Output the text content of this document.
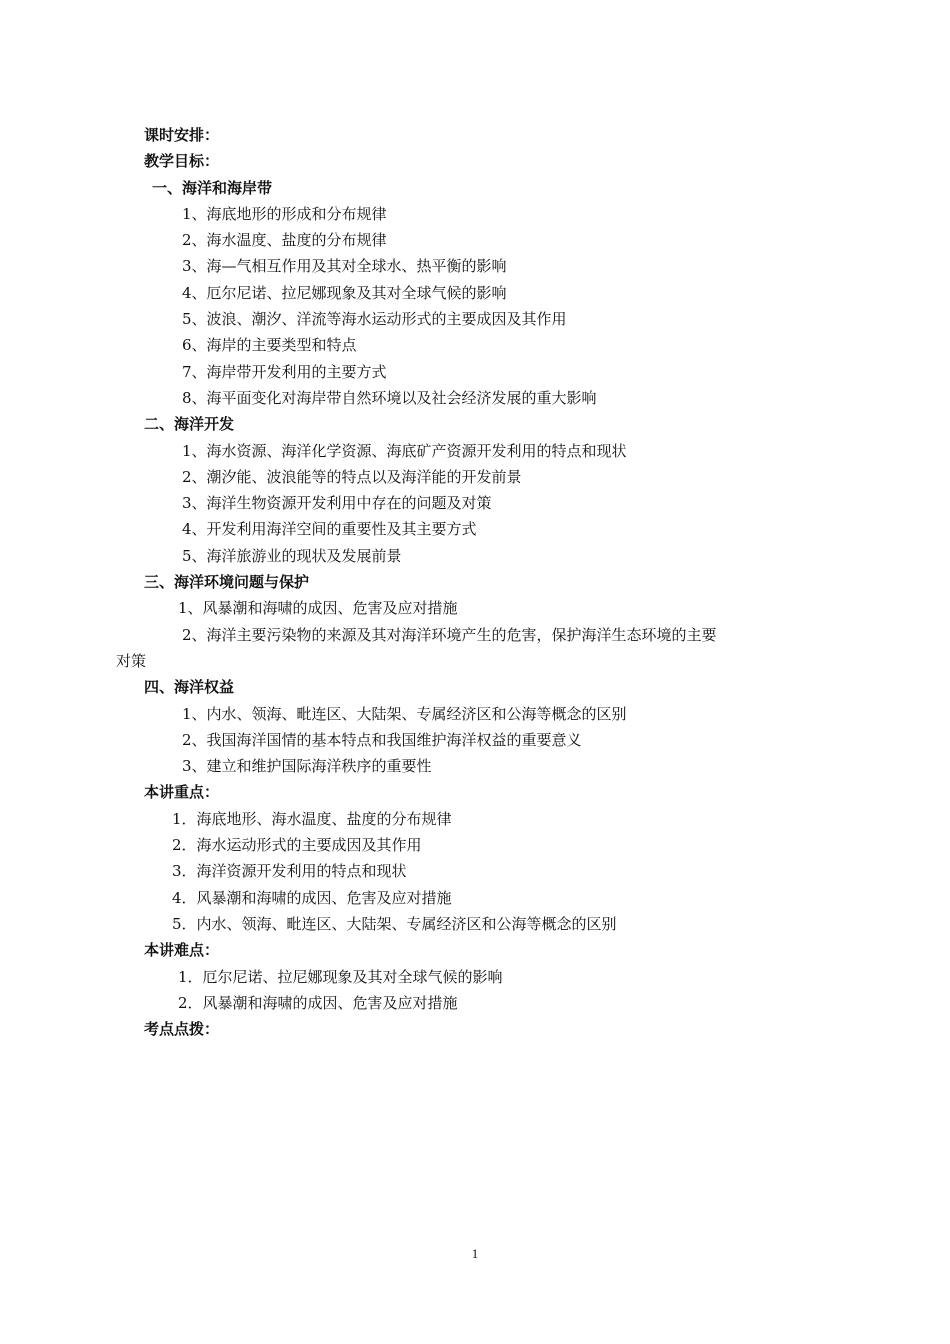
课时安排：
教学目标：
一、海洋和海岸带
1、海底地形的形成和分布规律
2、海水温度、盐度的分布规律
3、海—气相互作用及其对全球水、热平衡的影响
4、厄尔尼诺、拉尼娜现象及其对全球气候的影响
5、波浪、潮汐、洋流等海水运动形式的主要成因及其作用
6、海岸的主要类型和特点
7、海岸带开发利用的主要方式
8、海平面变化对海岸带自然环境以及社会经济发展的重大影响
二、海洋开发
1、海水资源、海洋化学资源、海底矿产资源开发利用的特点和现状
2、潮汐能、波浪能等的特点以及海洋能的开发前景
3、海洋生物资源开发利用中存在的问题及对策
4、开发利用海洋空间的重要性及其主要方式
5、海洋旅游业的现状及发展前景
三、海洋环境问题与保护
1、风暴潮和海啸的成因、危害及应对措施
2、海洋主要污染物的来源及其对海洋环境产生的危害，保护海洋生态环境的主要
对策
四、海洋权益
1、内水、领海、毗连区、大陆架、专属经济区和公海等概念的区别
2、我国海洋国情的基本特点和我国维护海洋权益的重要意义
3、建立和维护国际海洋秩序的重要性
本讲重点：
1．海底地形、海水温度、盐度的分布规律
2．海水运动形式的主要成因及其作用
3．海洋资源开发利用的特点和现状
4．风暴潮和海啸的成因、危害及应对措施
5．内水、领海、毗连区、大陆架、专属经济区和公海等概念的区别
本讲难点：
1．厄尔尼诺、拉尼娜现象及其对全球气候的影响
2．风暴潮和海啸的成因、危害及应对措施
考点点拨：
1
